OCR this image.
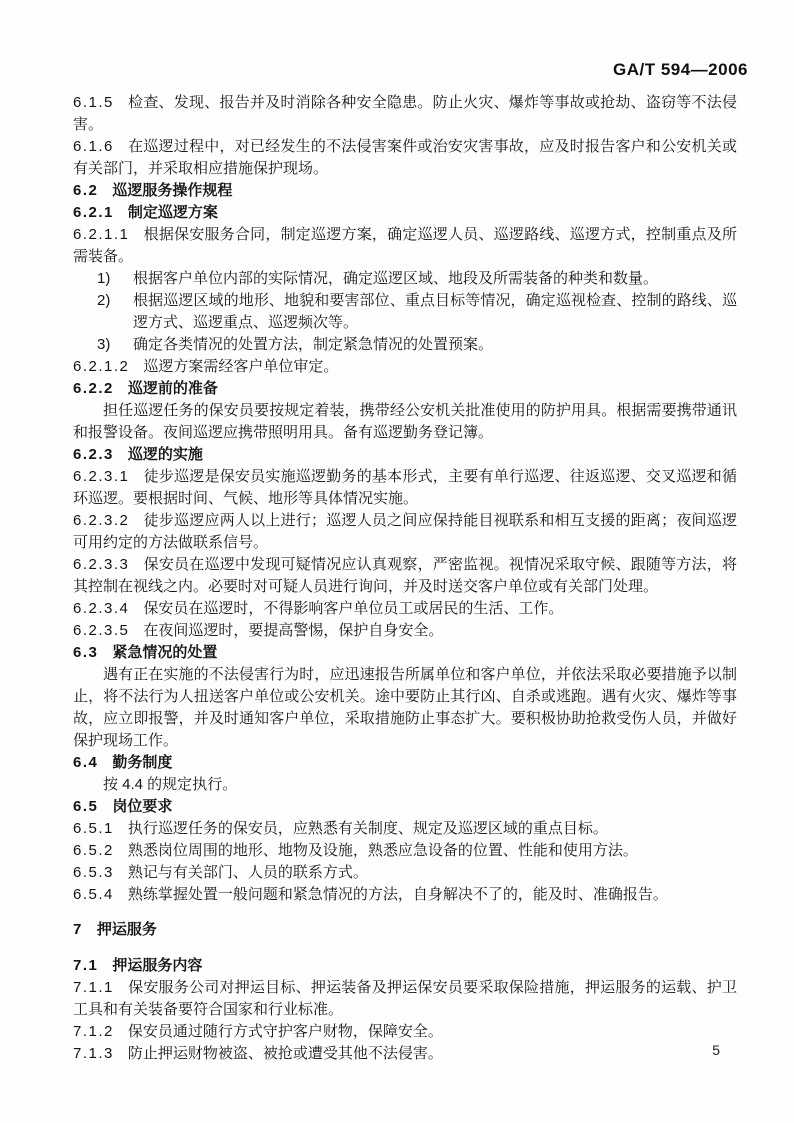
GA/T 594—2006
6.1.5 检查、发现、报告并及时消除各种安全隐患。防止火灾、爆炸等事故或抢劫、盗窃等不法侵害。
6.1.6 在巡逻过程中，对已经发生的不法侵害案件或治安灾害事故，应及时报告客户和公安机关或有关部门，并采取相应措施保护现场。
6.2 巡逻服务操作规程
6.2.1 制定巡逻方案
6.2.1.1 根据保安服务合同，制定巡逻方案，确定巡逻人员、巡逻路线、巡逻方式，控制重点及所需装备。
1) 根据客户单位内部的实际情况，确定巡逻区域、地段及所需装备的种类和数量。
2) 根据巡逻区域的地形、地貌和要害部位、重点目标等情况，确定巡视检查、控制的路线、巡逻方式、巡逻重点、巡逻频次等。
3) 确定各类情况的处置方法，制定紧急情况的处置预案。
6.2.1.2 巡逻方案需经客户单位审定。
6.2.2 巡逻前的准备
担任巡逻任务的保安员要按规定着装，携带经公安机关批准使用的防护用具。根据需要携带通讯和报警设备。夜间巡逻应携带照明用具。备有巡逻勤务登记簿。
6.2.3 巡逻的实施
6.2.3.1 徒步巡逻是保安员实施巡逻勤务的基本形式，主要有单行巡逻、往返巡逻、交叉巡逻和循环巡逻。要根据时间、气候、地形等具体情况实施。
6.2.3.2 徒步巡逻应两人以上进行；巡逻人员之间应保持能目视联系和相互支援的距离；夜间巡逻可用约定的方法做联系信号。
6.2.3.3 保安员在巡逻中发现可疑情况应认真观察，严密监视。视情况采取守候、跟随等方法，将其控制在视线之内。必要时对可疑人员进行询问，并及时送交客户单位或有关部门处理。
6.2.3.4 保安员在巡逻时，不得影响客户单位员工或居民的生活、工作。
6.2.3.5 在夜间巡逻时，要提高警惕，保护自身安全。
6.3 紧急情况的处置
遇有正在实施的不法侵害行为时，应迅速报告所属单位和客户单位，并依法采取必要措施予以制止，将不法行为人扭送客户单位或公安机关。途中要防止其行凶、自杀或逃跑。遇有火灾、爆炸等事故，应立即报警，并及时通知客户单位，采取措施防止事态扩大。要积极协助抢救受伤人员，并做好保护现场工作。
6.4 勤务制度
按 4.4 的规定执行。
6.5 岗位要求
6.5.1 执行巡逻任务的保安员，应熟悉有关制度、规定及巡逻区域的重点目标。
6.5.2 熟悉岗位周围的地形、地物及设施，熟悉应急设备的位置、性能和使用方法。
6.5.3 熟记与有关部门、人员的联系方式。
6.5.4 熟练掌握处置一般问题和紧急情况的方法，自身解决不了的，能及时、准确报告。
7 押运服务
7.1 押运服务内容
7.1.1 保安服务公司对押运目标、押运装备及押运保安员要采取保险措施，押运服务的运载、护卫工具和有关装备要符合国家和行业标准。
7.1.2 保安员通过随行方式守护客户财物，保障安全。
7.1.3 防止押运财物被盗、被抢或遭受其他不法侵害。	5
